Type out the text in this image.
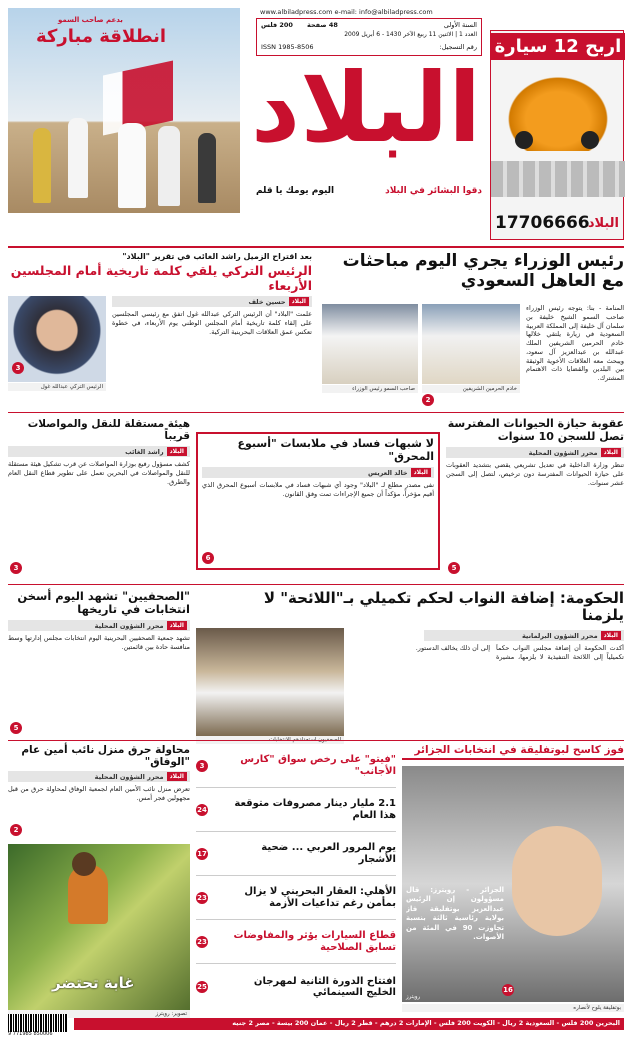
انطلاقة مباركة
بدعم صاحب السمو
www.albiladpress.com e-mail: info@albiladpress.com
السنة الأولى
العدد 1 | الاثنين 11 ربيع الآخر 1430 - 6 أبريل 2009
200 فلس 48 صفحة
رقم التسجيل:
ISSN 1985-8506
البلاد
دقوا البشائر في البلاد
اليوم يومك يا قلم
اربح 12 سيارة
17706666
البلاد
رئيس الوزراء يجري اليوم مباحثات مع العاهل السعودي
المنامة - بنا: يتوجه رئيس الوزراء صاحب السمو الشيخ خليفة بن سلمان آل خليفة إلى المملكة العربية السعودية في زيارة يلتقي خلالها خادم الحرمين الشريفين الملك عبدالله بن عبدالعزيز آل سعود، ويبحث معه العلاقات الأخوية الوثيقة بين البلدين والقضايا ذات الاهتمام المشترك.
خادم الحرمين الشريفين
صاحب السمو رئيس الوزراء
2
بعد اقتراح الزميل راشد الغائب في تقرير "البلاد"
الرئيس التركي يلقي كلمة تاريخية أمام المجلسين الأربعاء
البلاد
حسين خلف
علمت "البلاد" أن الرئيس التركي عبدالله غول اتفق مع رئيسي المجلسين على إلقاء كلمة تاريخية أمام المجلس الوطني يوم الأربعاء، في خطوة تعكس عمق العلاقات البحرينية التركية.
الرئيس التركي عبدالله غول
3
عقوبة حيازة الحيوانات المفترسة تصل للسجن 10 سنوات
البلاد
محرر الشؤون المحلية
تنظر وزارة الداخلية في تعديل تشريعي يقضي بتشديد العقوبات على حيازة الحيوانات المفترسة دون ترخيص، لتصل إلى السجن عشر سنوات.
5
لا شبهات فساد في ملابسات "أسبوع المحرق"
البلاد
خالد العريس
نفى مصدر مطلع لـ "البلاد" وجود أي شبهات فساد في ملابسات أسبوع المحرق الذي أقيم مؤخراً، مؤكداً أن جميع الإجراءات تمت وفق القانون.
6
هيئة مستقلة للنقل والمواصلات قريباً
البلاد
راشد الغائب
كشف مسؤول رفيع بوزارة المواصلات عن قرب تشكيل هيئة مستقلة للنقل والمواصلات في البحرين تعمل على تطوير قطاع النقل العام والطرق.
3
الحكومة: إضافة النواب لحكم تكميلي بـ"اللائحة" لا يلزمنا
البلاد
محرر الشؤون البرلمانية
أكدت الحكومة أن إضافة مجلس النواب حكماً تكميلياً إلى اللائحة التنفيذية لا يلزمها، مشيرة إلى أن ذلك يخالف الدستور.
"الصحفيين" تشهد اليوم أسخن انتخابات في تاريخها
البلاد
محرر الشؤون المحلية
تشهد جمعية الصحفيين البحرينية اليوم انتخابات مجلس إدارتها وسط منافسة حادة بين قائمتين.
5
محاولة حرق منزل نائب أمين عام "الوفاق"
البلاد
محرر الشؤون المحلية
تعرض منزل نائب الأمين العام لجمعية الوفاق لمحاولة حرق من قبل مجهولين فجر أمس.
2
غابة تحتضر
تصوير: رويترز
"فيتو" على رخص سواق "كارس الأجانب"
3
2.1 مليار دينار مصروفات متوقعة هذا العام
24
يوم المرور العربي ... ضحية الأشجار
17
الأهلي: العقار البحريني لا يزال بمأمن رغم تداعيات الأزمة
23
قطاع السيارات يؤثر والمفاوضات تسابق الصلاحية
23
افتتاح الدورة الثانية لمهرجان الخليج السينمائي
25
فوز كاسح لبوتفليقة في انتخابات الجزائر
الجزائر - رويترز: قال مسؤولون إن الرئيس عبدالعزيز بوتفليقة فاز بولاية رئاسية ثالثة بنسبة تجاوزت 90 في المئة من الأصوات.
16
رويترز
بوتفليقة يلوح لأنصاره
9 771985 850006
البحرين 200 فلس - السعودية 2 ريال - الكويت 200 فلس - الإمارات 2 درهم - قطر 2 ريال - عمان 200 بيسة - مصر 2 جنيه
